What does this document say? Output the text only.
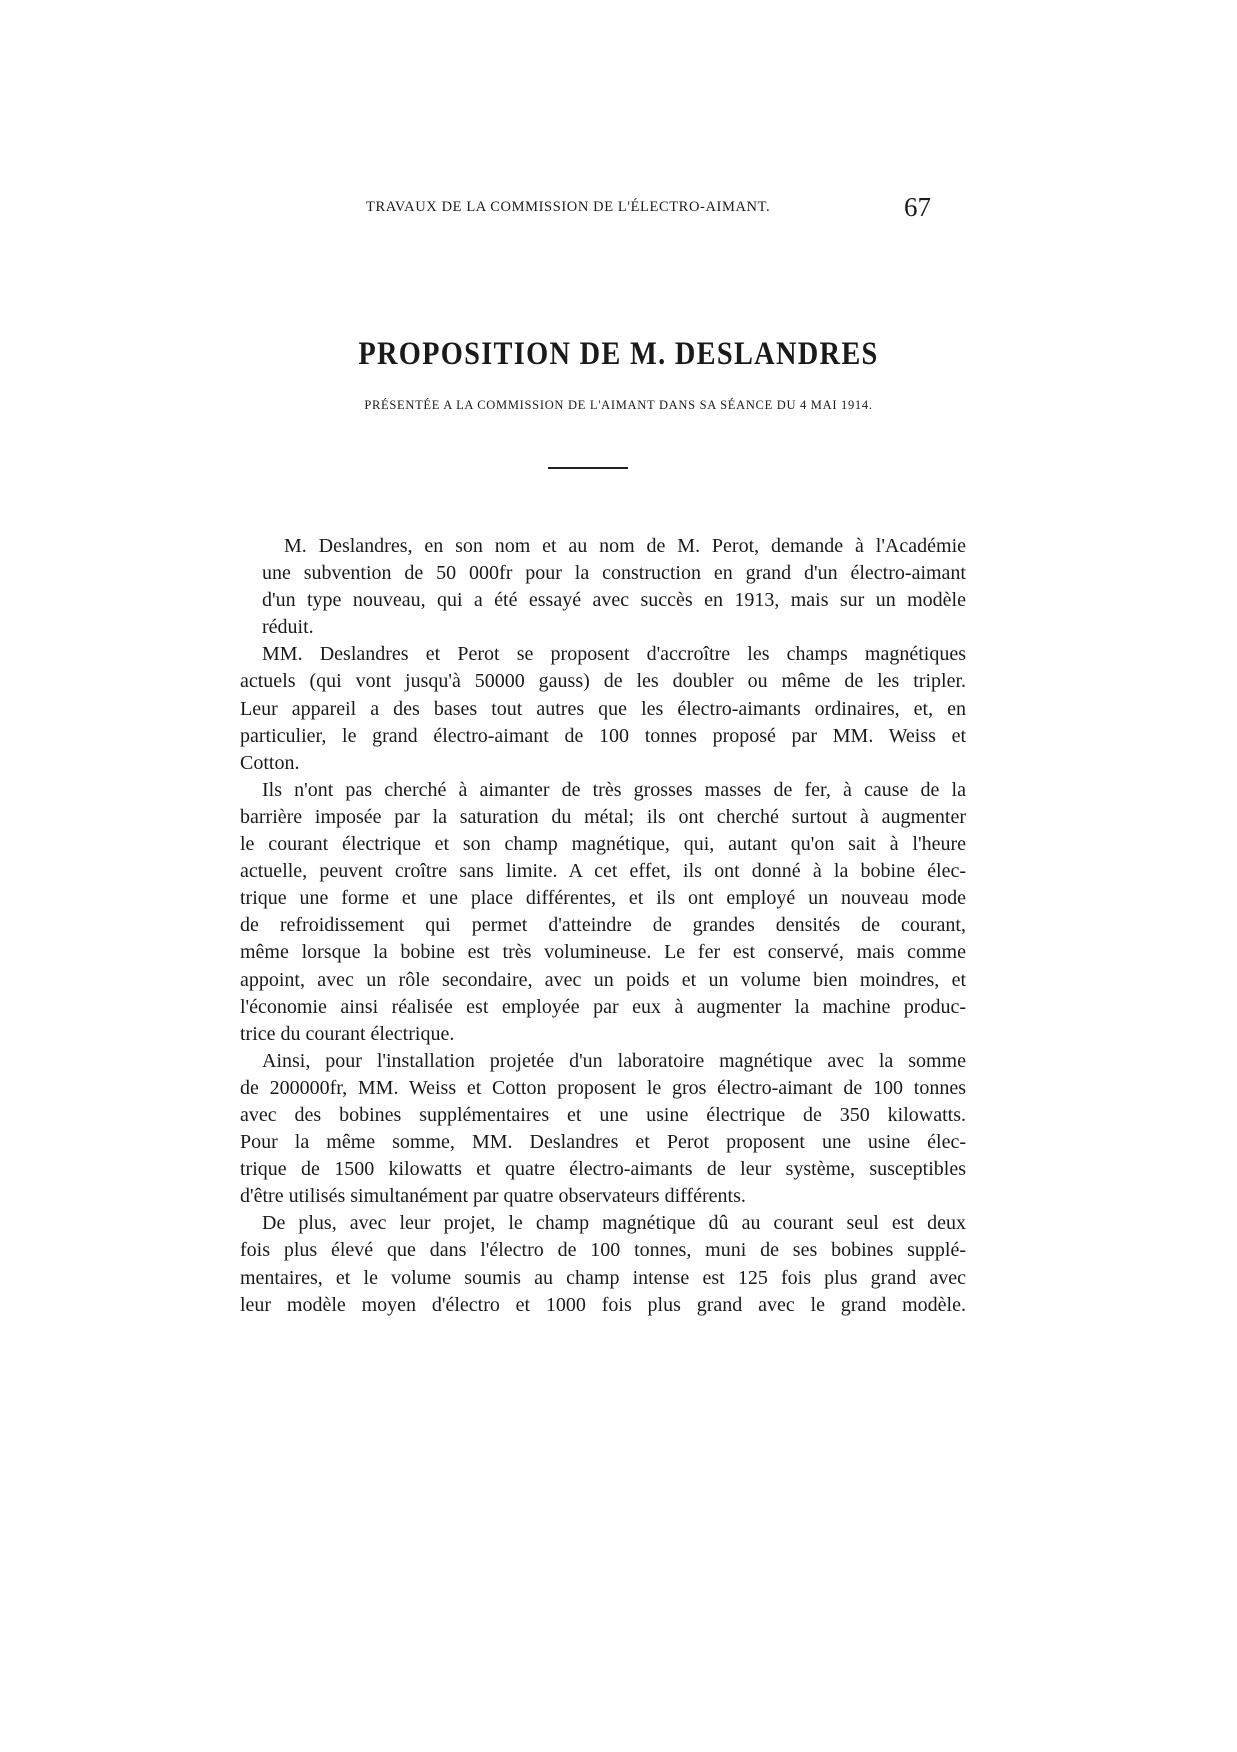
TRAVAUX DE LA COMMISSION DE L'ÉLECTRO-AIMANT.	67
PROPOSITION DE M. DESLANDRES
PRÉSENTÉE A LA COMMISSION DE L'AIMANT DANS SA SÉANCE DU 4 MAI 1914.
M. Deslandres, en son nom et au nom de M. Perot, demande à l'Académie
une subvention de 50 000fr pour la construction en grand d'un électro-aimant
d'un type nouveau, qui a été essayé avec succès en 1913, mais sur un modèle
réduit.
MM. Deslandres et Perot se proposent d'accroître les champs magnétiques
actuels (qui vont jusqu'à 50000 gauss) de les doubler ou même de les tripler.
Leur appareil a des bases tout autres que les électro-aimants ordinaires, et, en
particulier, le grand électro-aimant de 100 tonnes proposé par MM. Weiss et
Cotton.
Ils n'ont pas cherché à aimanter de très grosses masses de fer, à cause de la
barrière imposée par la saturation du métal; ils ont cherché surtout à augmenter
le courant électrique et son champ magnétique, qui, autant qu'on sait à l'heure
actuelle, peuvent croître sans limite. A cet effet, ils ont donné à la bobine élec-
trique une forme et une place différentes, et ils ont employé un nouveau mode
de refroidissement qui permet d'atteindre de grandes densités de courant,
même lorsque la bobine est très volumineuse. Le fer est conservé, mais comme
appoint, avec un rôle secondaire, avec un poids et un volume bien moindres, et
l'économie ainsi réalisée est employée par eux à augmenter la machine produc-
trice du courant électrique.
Ainsi, pour l'installation projetée d'un laboratoire magnétique avec la somme
de 200000fr, MM. Weiss et Cotton proposent le gros électro-aimant de 100 tonnes
avec des bobines supplémentaires et une usine électrique de 350 kilowatts.
Pour la même somme, MM. Deslandres et Perot proposent une usine élec-
trique de 1500 kilowatts et quatre électro-aimants de leur système, susceptibles
d'être utilisés simultanément par quatre observateurs différents.
De plus, avec leur projet, le champ magnétique dû au courant seul est deux
fois plus élevé que dans l'électro de 100 tonnes, muni de ses bobines supplé-
mentaires, et le volume soumis au champ intense est 125 fois plus grand avec
leur modèle moyen d'électro et 1000 fois plus grand avec le grand modèle.
